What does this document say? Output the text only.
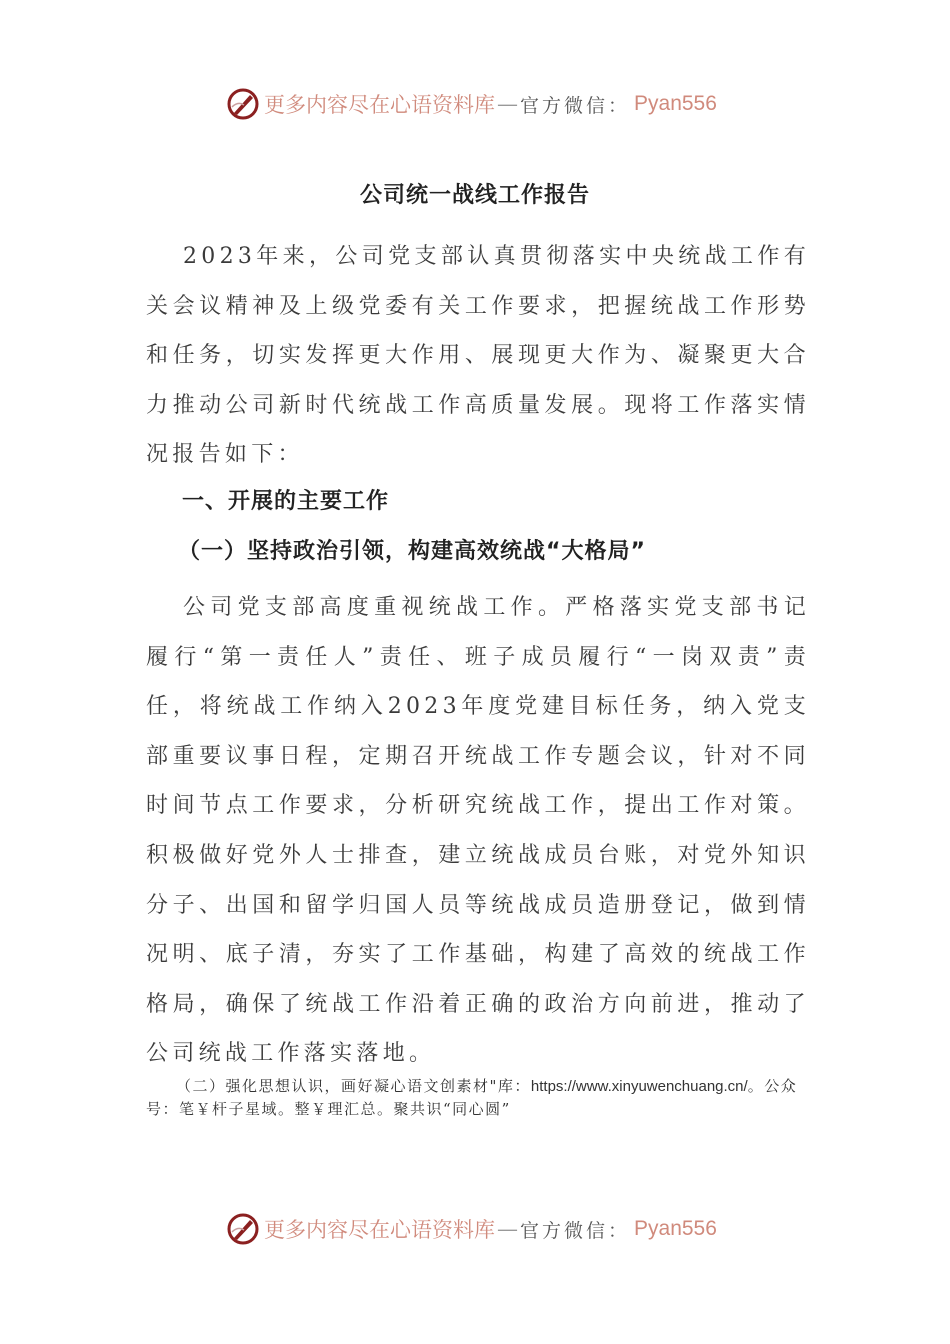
更多内容尽在心语资料库 — 官方微信： Pyan556
公司统一战线工作报告

2023年来，公司党支部认真贯彻落实中央统战工作有关会议精神及上级党委有关工作要求，把握统战工作形势和任务，切实发挥更大作用、展现更大作为、凝聚更大合力推动公司新时代统战工作高质量发展。现将工作落实情况报告如下：

一、开展的主要工作
（一）坚持政治引领，构建高效统战“大格局”

公司党支部高度重视统战工作。严格落实党支部书记履行“第一责任人”责任、班子成员履行“一岗双责”责任，将统战工作纳入2023年度党建目标任务，纳入党支部重要议事日程，定期召开统战工作专题会议，针对不同时间节点工作要求，分析研究统战工作，提出工作对策。积极做好党外人士排查，建立统战成员台账，对党外知识分子、出国和留学归国人员等统战成员造册登记，做到情况明、底子清，夯实了工作基础，构建了高效的统战工作格局，确保了统战工作沿着正确的政治方向前进，推动了公司统战工作落实落地。

（二）强化思想认识，画好凝心语文创素材"库：https://www.xinyuwenchuang.cn/。公众号：笔￥杆子星域。整￥理汇总。聚共识“同心圆”
更多内容尽在心语资料库 — 官方微信： Pyan556
